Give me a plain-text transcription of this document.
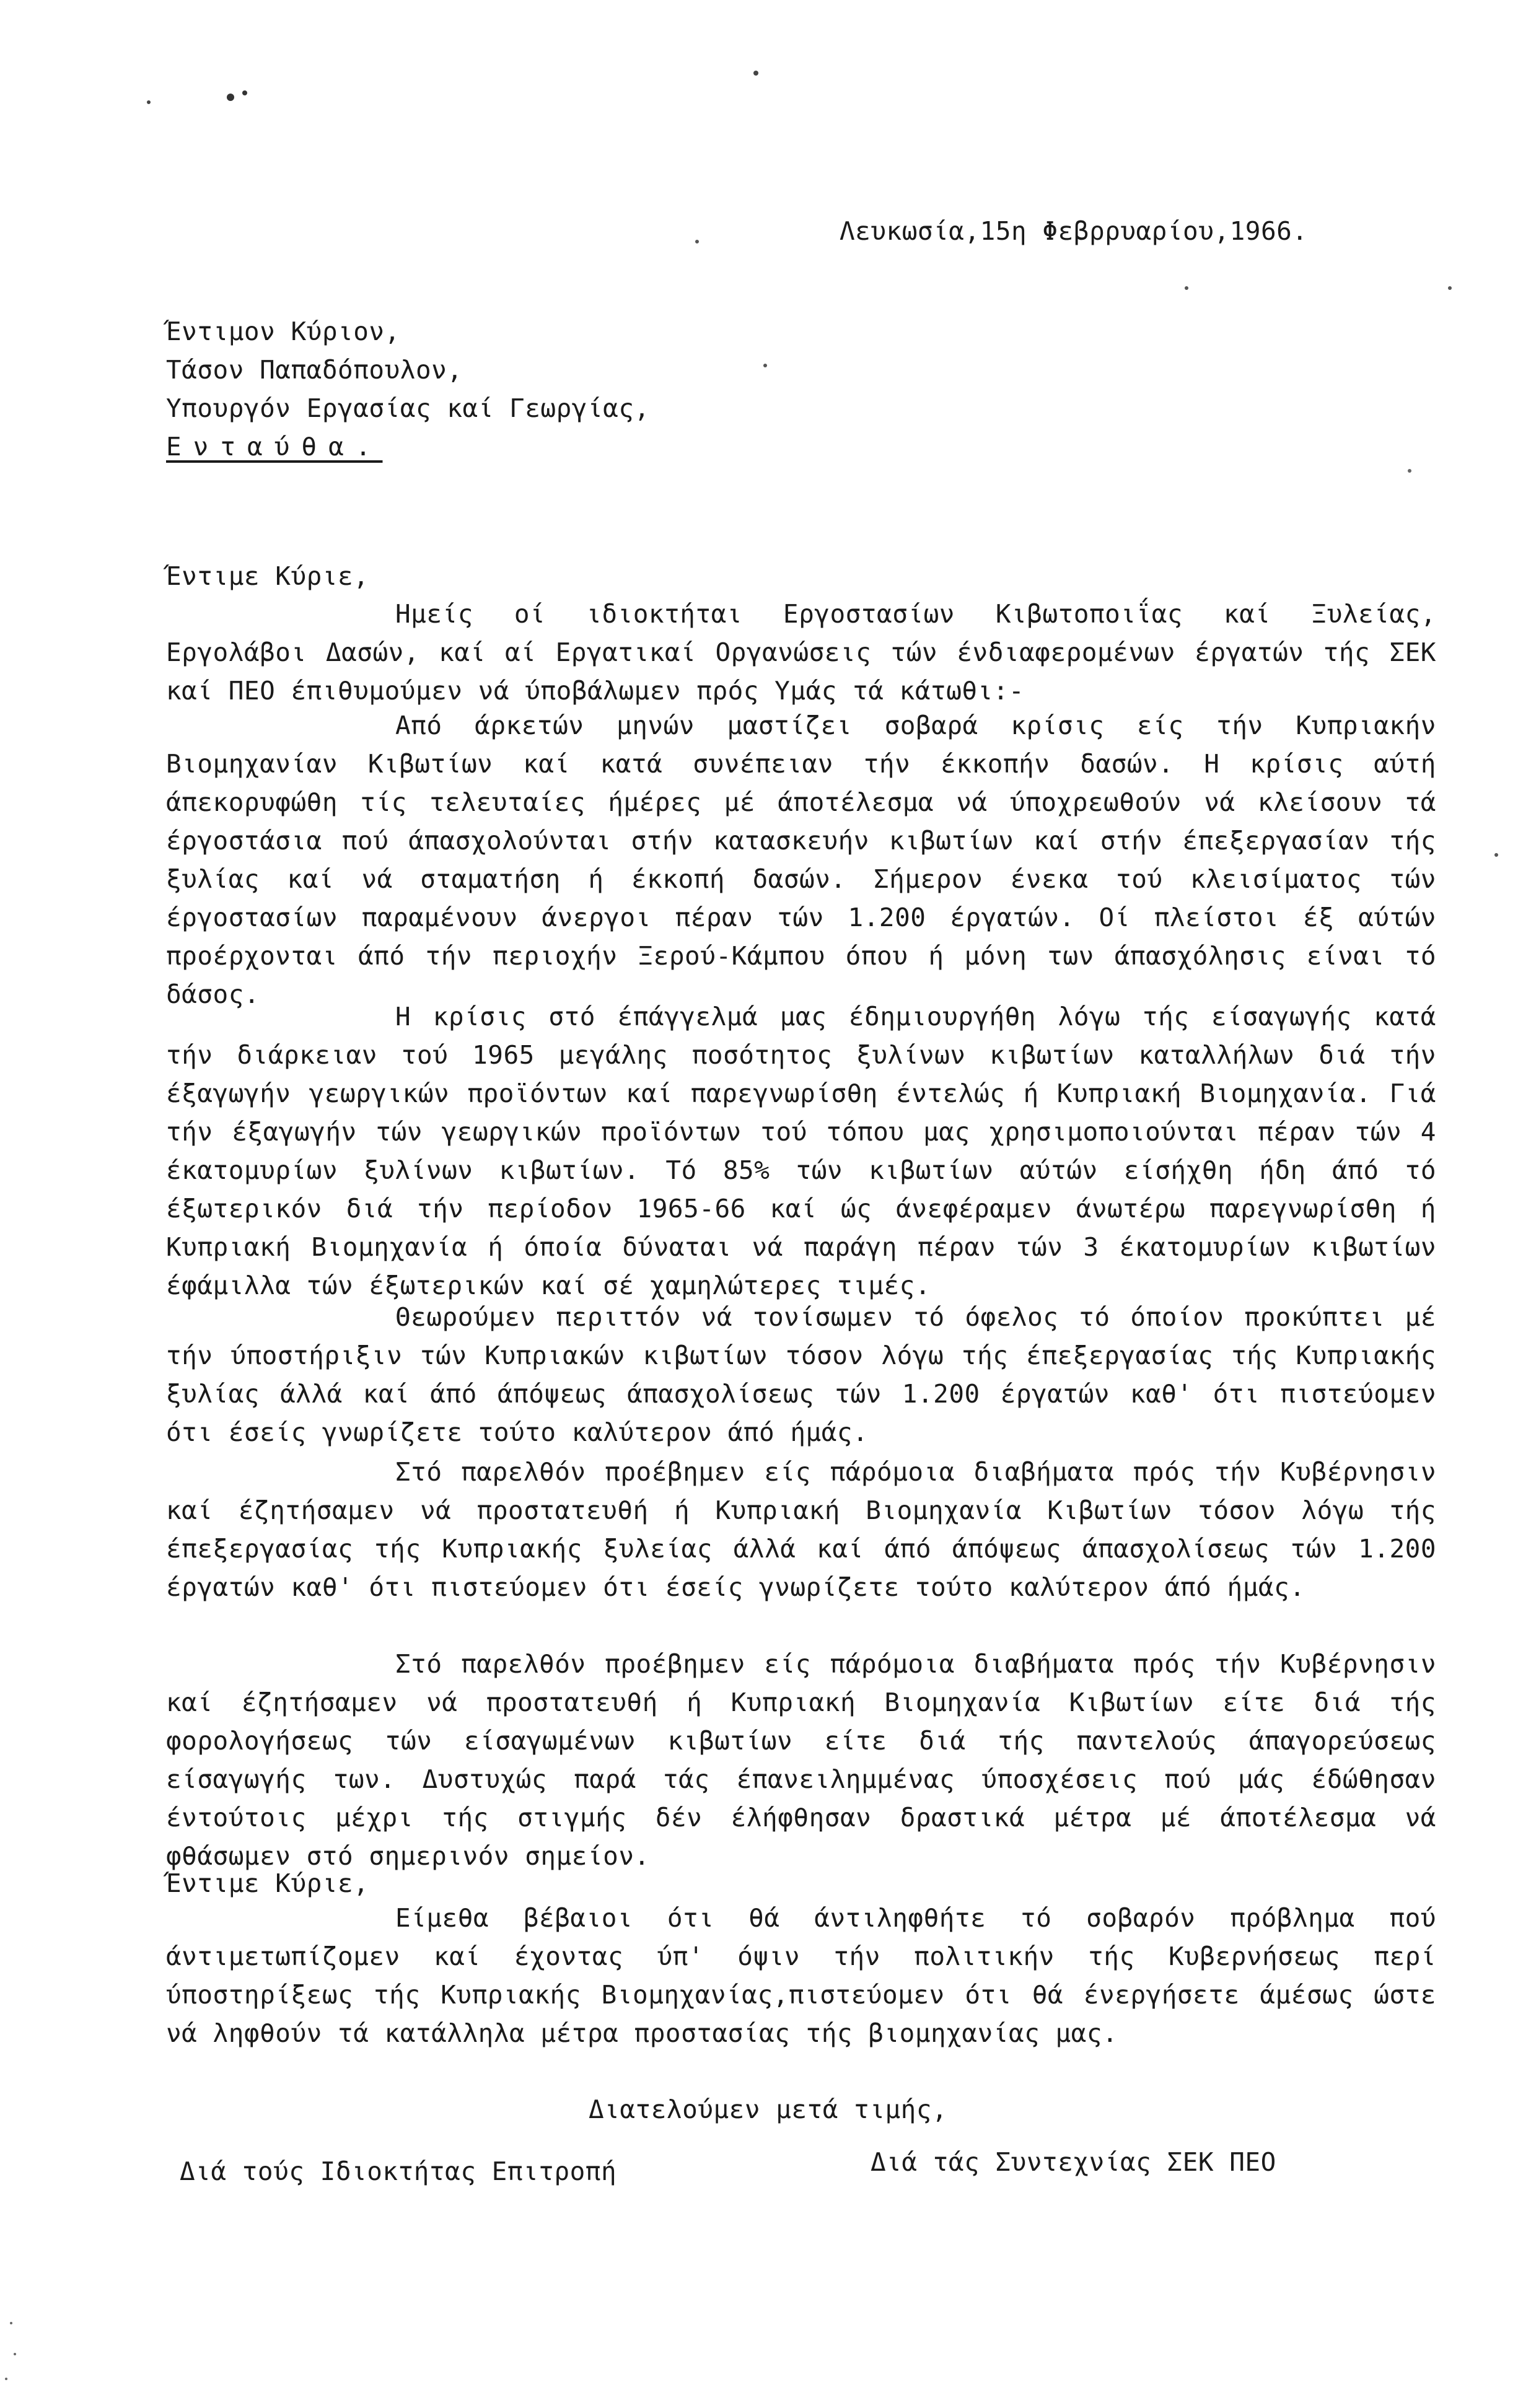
Λευκωσία,15η Φεβρρυαρίου,1966.
Έντιμον Κύριον,
Τάσον Παπαδόπουλον,
Υπουργόν Εργασίας καί Γεωργίας,
Ενταύθα.
Έντιμε Κύριε,
Ημείς οί ιδιοκτήται Εργοστασίων Κιβωτοποιΐας καί Ξυλείας, Εργολάβοι Δασών, καί αί Εργατικαί Οργανώσεις τών ένδιαφερομένων έργατών τής ΣΕΚ καί ΠΕΟ έπιθυμούμεν νά ύποβάλωμεν πρός Υμάς τά κάτωθι:-
Από άρκετών μηνών μαστίζει σοβαρά κρίσις είς τήν Κυπριακήν Βιομηχανίαν Κιβωτίων καί κατά συνέπειαν τήν έκκοπήν δασών. Η κρίσις αύτή άπεκορυφώθη τίς τελευταίες ήμέρες μέ άποτέλεσμα νά ύποχρεωθούν νά κλείσουν τά έργοστάσια πού άπασχολούνται στήν κατασκευήν κιβωτίων καί στήν έπεξεργασίαν τής ξυλίας καί νά σταματήση ή έκκοπή δασών. Σήμερον ένεκα τού κλεισίματος τών έργοστασίων παραμένουν άνεργοι πέραν τών 1.200 έργατών. Οί πλείστοι έξ αύτών προέρχονται άπό τήν περιοχήν Ξερού-Κάμπου όπου ή μόνη των άπασχόλησις είναι τό δάσος.
Η κρίσις στό έπάγγελμά μας έδημιουργήθη λόγω τής είσαγωγής κατά τήν διάρκειαν τού 1965 μεγάλης ποσότητος ξυλίνων κιβωτίων καταλλήλων διά τήν έξαγωγήν γεωργικών προϊόντων καί παρεγνωρίσθη έντελώς ή Κυπριακή Βιομηχανία. Γιά τήν έξαγωγήν τών γεωργικών προϊόντων τού τόπου μας χρησιμοποιούνται πέραν τών 4 έκατομυρίων ξυλίνων κιβωτίων. Τό 85% τών κιβωτίων αύτών είσήχθη ήδη άπό τό έξωτερικόν διά τήν περίοδον 1965-66 καί ώς άνεφέραμεν άνωτέρω παρεγνωρίσθη ή Κυπριακή Βιομηχανία ή όποία δύναται νά παράγη πέραν τών 3 έκατομυρίων κιβωτίων έφάμιλλα τών έξωτερικών καί σέ χαμηλώτερες τιμές.
Θεωρούμεν περιττόν νά τονίσωμεν τό όφελος τό όποίον προκύπτει μέ τήν ύποστήριξιν τών Κυπριακών κιβωτίων τόσον λόγω τής έπεξεργασίας τής Κυπριακής ξυλίας άλλά καί άπό άπόψεως άπασχολίσεως τών 1.200 έργατών καθ' ότι πιστεύομεν ότι έσείς γνωρίζετε τούτο καλύτερον άπό ήμάς.
Στό παρελθόν προέβημεν είς πάρόμοια διαβήματα πρός τήν Κυβέρνησιν καί έζητήσαμεν νά προστατευθή ή Κυπριακή Βιομηχανία Κιβωτίων τόσον λόγω τής έπεξεργασίας τής Κυπριακής ξυλείας άλλά καί άπό άπόψεως άπασχολίσεως τών 1.200 έργατών καθ' ότι πιστεύομεν ότι έσείς γνωρίζετε τούτο καλύτερον άπό ήμάς.
Στό παρελθόν προέβημεν είς πάρόμοια διαβήματα πρός τήν Κυβέρνησιν καί έζητήσαμεν νά προστατευθή ή Κυπριακή Βιομηχανία Κιβωτίων είτε διά τής φορολογήσεως τών είσαγωμένων κιβωτίων είτε διά τής παντελούς άπαγορεύσεως είσαγωγής των. Δυστυχώς παρά τάς έπανειλημμένας ύποσχέσεις πού μάς έδώθησαν έντούτοις μέχρι τής στιγμής δέν έλήφθησαν δραστικά μέτρα μέ άποτέλεσμα νά φθάσωμεν στό σημερινόν σημείον.
Έντιμε Κύριε,
Είμεθα βέβαιοι ότι θά άντιληφθήτε τό σοβαρόν πρόβλημα πού άντιμετωπίζομεν καί έχοντας ύπ' όψιν τήν πολιτικήν τής Κυβερνήσεως περί ύποστηρίξεως τής Κυπριακής Βιομηχανίας,πιστεύομεν ότι θά ένεργήσετε άμέσως ώστε νά ληφθούν τά κατάλληλα μέτρα προστασίας τής βιομηχανίας μας.
Διατελούμεν μετά τιμής,
Διά τούς Ιδιοκτήτας Επιτροπή	Διά τάς Συντεχνίας ΣΕΚ ΠΕΟ
